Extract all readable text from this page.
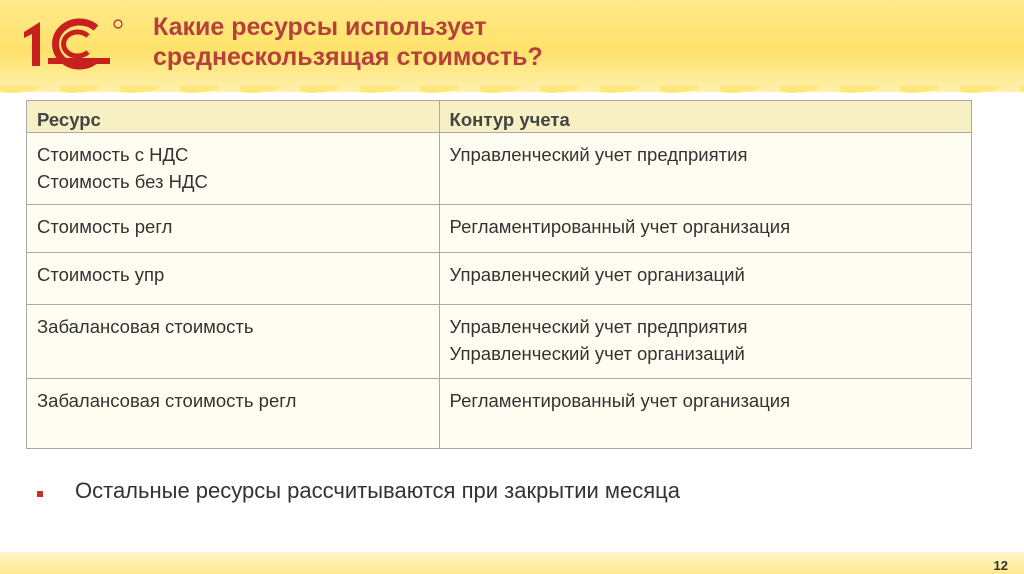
Какие ресурсы использует
среднескользящая стоимость?
Ресурс	Контур учета

Стоимость с НДС
Стоимость без НДС	Управленческий учет предприятия

Стоимость регл	Регламентированный учет организация

Стоимость упр	Управленческий учет организаций

Забалансовая стоимость	Управленческий учет предприятия
Управленческий учет организаций

Забалансовая стоимость регл	Регламентированный учет организация
Остальные ресурсы рассчитываются при закрытии месяца
12
